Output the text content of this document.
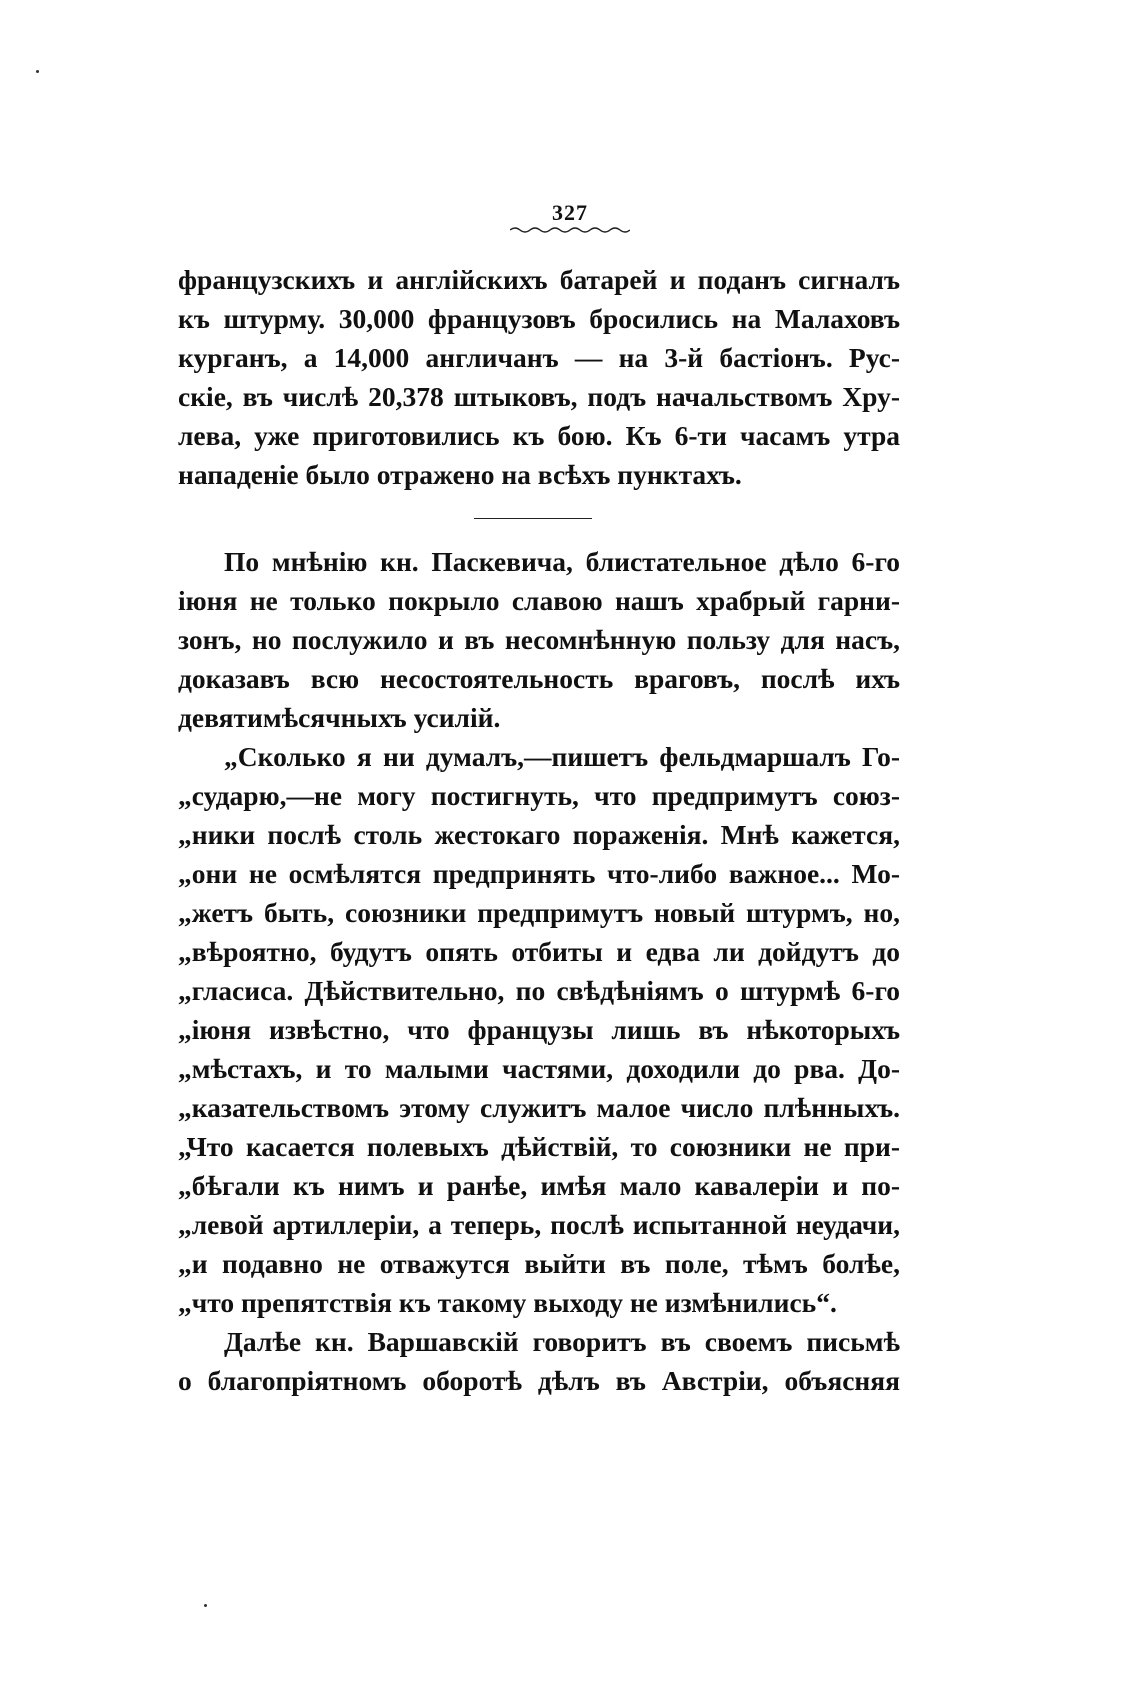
327
французскихъ и англійскихъ батарей и поданъ сигналъ
къ штурму. 30,000 французовъ бросились на Малаховъ
курганъ, а 14,000 англичанъ — на 3-й бастіонъ. Рус-
скіе, въ числѣ 20,378 штыковъ, подъ начальствомъ Хру-
лева, уже приготовились къ бою. Къ 6-ти часамъ утра
нападеніе было отражено на всѣхъ пунктахъ.
По мнѣнію кн. Паскевича, блистательное дѣло 6-го
іюня не только покрыло славою нашъ храбрый гарни-
зонъ, но послужило и въ несомнѣнную пользу для насъ,
доказавъ всю несостоятельность враговъ, послѣ ихъ
девятимѣсячныхъ усилій.
„Сколько я ни думалъ,—пишетъ фельдмаршалъ Го-
„сударю,—не могу постигнуть, что предпримутъ союз-
„ники послѣ столь жестокаго пораженія. Мнѣ кажется,
„они не осмѣлятся предпринять что-либо важное... Мо-
„жетъ быть, союзники предпримутъ новый штурмъ, но,
„вѣроятно, будутъ опять отбиты и едва ли дойдутъ до
„гласиса. Дѣйствительно, по свѣдѣніямъ о штурмѣ 6-го
„іюня извѣстно, что французы лишь въ нѣкоторыхъ
„мѣстахъ, и то малыми частями, доходили до рва. До-
„казательствомъ этому служитъ малое число плѣнныхъ.
„Что касается полевыхъ дѣйствій, то союзники не при-
„бѣгали къ нимъ и ранѣе, имѣя мало кавалеріи и по-
„левой артиллеріи, а теперь, послѣ испытанной неудачи,
„и подавно не отважутся выйти въ поле, тѣмъ болѣе,
„что препятствія къ такому выходу не измѣнились“.
Далѣе кн. Варшавскій говоритъ въ своемъ письмѣ
о благопріятномъ оборотѣ дѣлъ въ Австріи, объясняя
